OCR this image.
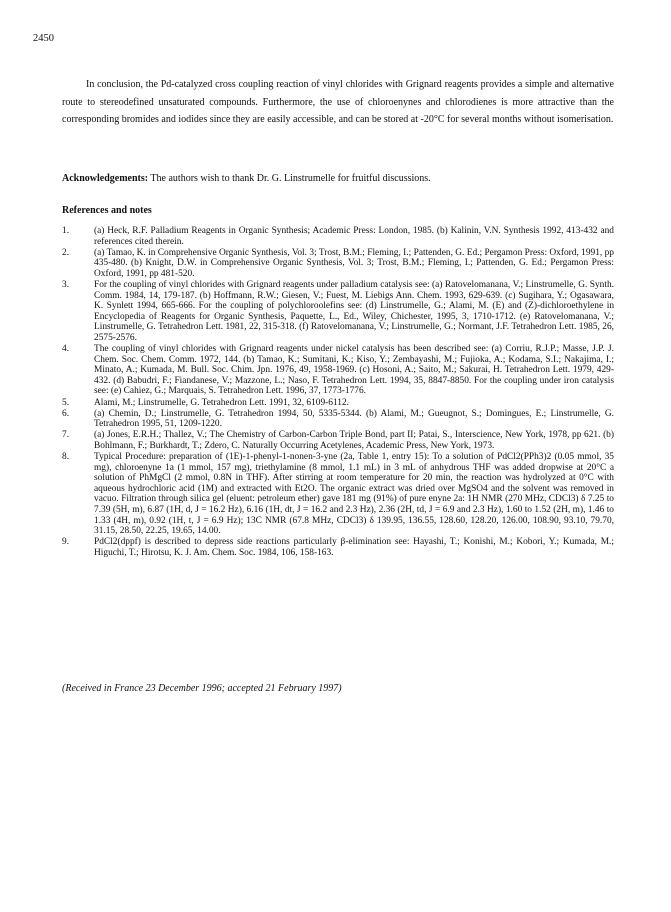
2450

In conclusion, the Pd-catalyzed cross coupling reaction of vinyl chlorides with Grignard reagents provides a simple and alternative route to stereodefined unsaturated compounds. Furthermore, the use of chloroenynes and chlorodienes is more attractive than the corresponding bromides and iodides since they are easily accessible, and can be stored at -20°C for several months without isomerisation.

Acknowledgements: The authors wish to thank Dr. G. Linstrumelle for fruitful discussions.
References and notes
1.	(a) Heck, R.F. Palladium Reagents in Organic Synthesis; Academic Press: London, 1985. (b) Kalinin, V.N. Synthesis 1992, 413-432 and references cited therein.
2.	(a) Tamao, K. in Comprehensive Organic Synthesis, Vol. 3; Trost, B.M.; Fleming, I.; Pattenden, G. Ed.; Pergamon Press: Oxford, 1991, pp 435-480. (b) Knight, D.W. in Comprehensive Organic Synthesis, Vol. 3; Trost, B.M.; Fleming, I.; Pattenden, G. Ed.; Pergamon Press: Oxford, 1991, pp 481-520.
3.	For the coupling of vinyl chlorides with Grignard reagents under palladium catalysis see: (a) Ratovelomanana, V.; Linstrumelle, G. Synth. Comm. 1984, 14, 179-187. (b) Hoffmann, R.W.; Giesen, V.; Fuest, M. Liebigs Ann. Chem. 1993, 629-639. (c) Sugihara, Y.; Ogasawara, K. Synlett 1994, 665-666. For the coupling of polychloroolefins see: (d) Linstrumelle, G.; Alami, M. (E) and (Z)-dichloroethylene in Encyclopedia of Reagents for Organic Synthesis, Paquette, L., Ed., Wiley, Chichester, 1995, 3, 1710-1712. (e) Ratovelomanana, V.; Linstrumelle, G. Tetrahedron Lett. 1981, 22, 315-318. (f) Ratovelomanana, V.; Linstrumelle, G.; Normant, J.F. Tetrahedron Lett. 1985, 26, 2575-2576.
4.	The coupling of vinyl chlorides with Grignard reagents under nickel catalysis has been described see: (a) Corriu, R.J.P.; Masse, J.P. J. Chem. Soc. Chem. Comm. 1972, 144. (b) Tamao, K.; Sumitani, K.; Kiso, Y.; Zembayashi, M.; Fujioka, A.; Kodama, S.I.; Nakajima, I.; Minato, A.; Kumada, M. Bull. Soc. Chim. Jpn. 1976, 49, 1958-1969. (c) Hosoni, A.; Saito, M.; Sakurai, H. Tetrahedron Lett. 1979, 429-432. (d) Babudri, F.; Fiandanese, V.; Mazzone, L.; Naso, F. Tetrahedron Lett. 1994, 35, 8847-8850. For the coupling under iron catalysis see: (e) Cahiez, G.; Marquais, S. Tetrahedron Lett. 1996, 37, 1773-1776.
5.	Alami, M.; Linstrumelle, G. Tetrahedron Lett. 1991, 32, 6109-6112.
6.	(a) Chemin, D.; Linstrumelle, G. Tetrahedron 1994, 50, 5335-5344. (b) Alami, M.; Gueugnot, S.; Domingues, E.; Linstrumelle, G. Tetrahedron 1995, 51, 1209-1220.
7.	(a) Jones, E.R.H.; Thallez, V.; The Chemistry of Carbon-Carbon Triple Bond, part II; Patai, S., Interscience, New York, 1978, pp 621. (b) Bohlmann, F.; Burkhardt, T.; Zdero, C. Naturally Occurring Acetylenes, Academic Press, New York, 1973.
8.	Typical Procedure: preparation of (1E)-1-phenyl-1-nonen-3-yne (2a, Table 1, entry 15): To a solution of PdCl2(PPh3)2 (0.05 mmol, 35 mg), chloroenyne 1a (1 mmol, 157 mg), triethylamine (8 mmol, 1.1 mL) in 3 mL of anhydrous THF was added dropwise at 20°C a solution of PhMgCl (2 mmol, 0.8N in THF). After stirring at room temperature for 20 min, the reaction was hydrolyzed at 0°C with aqueous hydrochloric acid (1M) and extracted with Et2O. The organic extract was dried over MgSO4 and the solvent was removed in vacuo. Filtration through silica gel (eluent: petroleum ether) gave 181 mg (91%) of pure enyne 2a: 1H NMR (270 MHz, CDCl3) δ 7.25 to 7.39 (5H, m), 6.87 (1H, d, J = 16.2 Hz), 6.16 (1H, dt, J = 16.2 and 2.3 Hz), 2.36 (2H, td, J = 6.9 and 2.3 Hz), 1.60 to 1.52 (2H, m), 1.46 to 1.33 (4H, m), 0.92 (1H, t, J = 6.9 Hz); 13C NMR (67.8 MHz, CDCl3) δ 139.95, 136.55, 128.60, 128.20, 126.00, 108.90, 93.10, 79.70, 31.15, 28.50, 22.25, 19.65, 14.00.
9.	PdCl2(dppf) is described to depress side reactions particularly β-elimination see: Hayashi, T.; Konishi, M.; Kobori, Y.; Kumada, M.; Higuchi, T.; Hirotsu, K. J. Am. Chem. Soc. 1984, 106, 158-163.
(Received in France 23 December 1996; accepted 21 February 1997)
